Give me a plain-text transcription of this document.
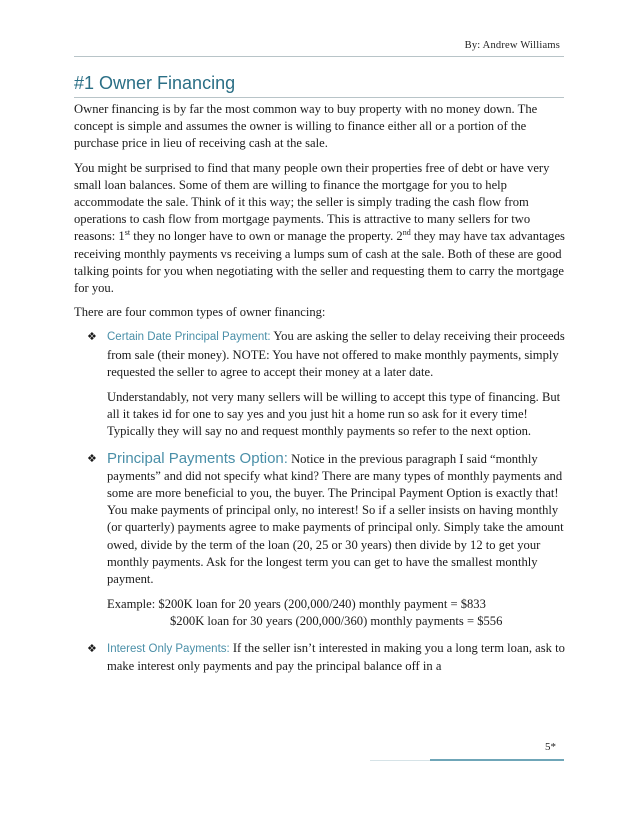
By: Andrew Williams
#1 Owner Financing

Owner financing is by far the most common way to buy property with no money down. The concept is simple and assumes the owner is willing to finance either all or a portion of the purchase price in lieu of receiving cash at the sale.

You might be surprised to find that many people own their properties free of debt or have very small loan balances. Some of them are willing to finance the mortgage for you to help accommodate the sale. Think of it this way; the seller is simply trading the cash flow from operations to cash flow from mortgage payments. This is attractive to many sellers for two reasons: 1st they no longer have to own or manage the property. 2nd they may have tax advantages receiving monthly payments vs receiving a lumps sum of cash at the sale. Both of these are good talking points for you when negotiating with the seller and requesting them to carry the mortgage for you.

There are four common types of owner financing:

❖ Certain Date Principal Payment: You are asking the seller to delay receiving their proceeds from sale (their money). NOTE: You have not offered to make monthly payments, simply requested the seller to agree to accept their money at a later date.

Understandably, not very many sellers will be willing to accept this type of financing. But all it takes id for one to say yes and you just hit a home run so ask for it every time! Typically they will say no and request monthly payments so refer to the next option.

❖ Principal Payments Option: Notice in the previous paragraph I said “monthly payments” and did not specify what kind? There are many types of monthly payments and some are more beneficial to you, the buyer. The Principal Payment Option is exactly that! You make payments of principal only, no interest! So if a seller insists on having monthly (or quarterly) payments agree to make payments of principal only. Simply take the amount owed, divide by the term of the loan (20, 25 or 30 years) then divide by 12 to get your monthly payments. Ask for the longest term you can get to have the smallest monthly payment.

Example: $200K loan for 20 years (200,000/240) monthly payment = $833
$200K loan for 30 years (200,000/360) monthly payments = $556
❖ Interest Only Payments: If the seller isn’t interested in making you a long term loan, ask to make interest only payments and pay the principal balance off in a

5*
